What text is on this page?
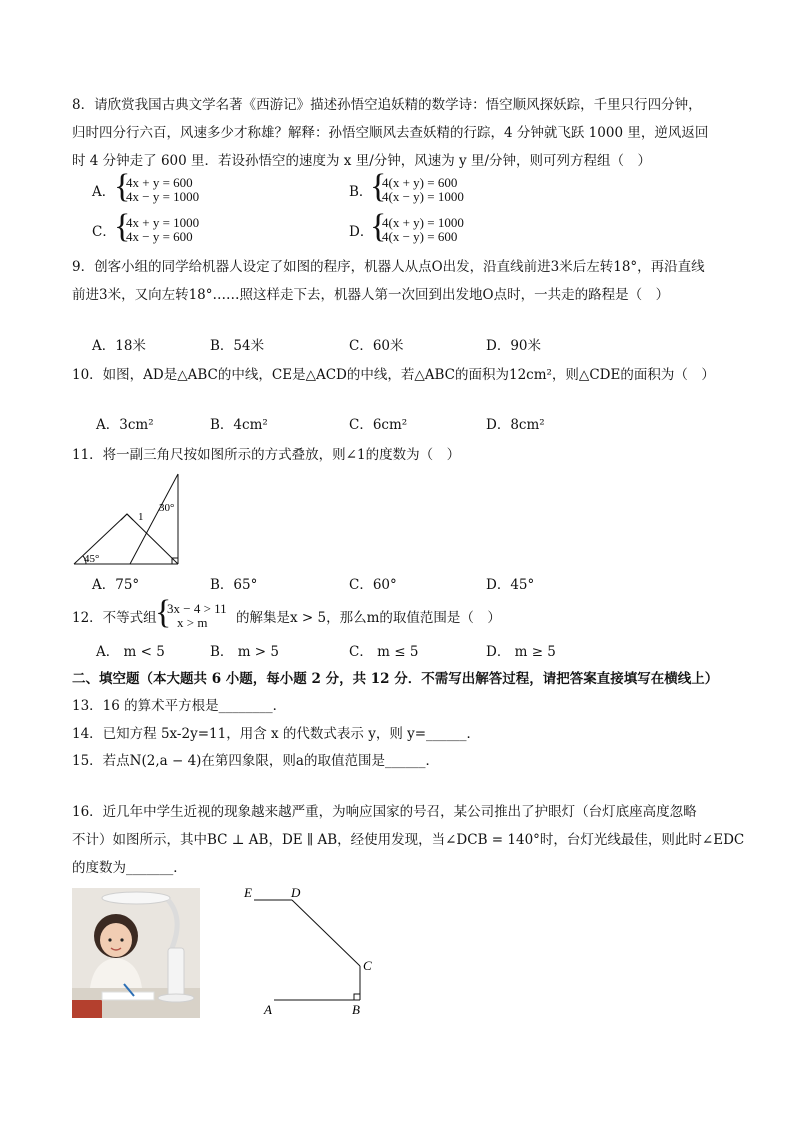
8．请欣赏我国古典文学名著《西游记》描述孙悟空追妖精的数学诗：悟空顺风探妖踪，千里只行四分钟，
归时四分行六百，风速多少才称雄？解释：孙悟空顺风去查妖精的行踪，4 分钟就飞跃 1000 里，逆风返回
时 4 分钟走了 600 里．若设孙悟空的速度为 x 里/分钟，风速为 y 里/分钟，则可列方程组（　）
A．
{
4x + y = 600
4x − y = 1000	B．
{
4(x + y) = 600
4(x − y) = 1000
C．
{
4x + y = 1000
4x − y = 600	D．
{
4(x + y) = 1000
4(x − y) = 600
9．创客小组的同学给机器人设定了如图的程序，机器人从点O出发，沿直线前进3米后左转18°，再沿直线
前进3米，又向左转18°……照这样走下去，机器人第一次回到出发地O点时，一共走的路程是（　）
A．18米	B．54米	C．60米	D．90米
10．如图，AD是△ABC的中线，CE是△ACD的中线，若△ABC的面积为12cm²，则△CDE的面积为（　）
A．3cm²	B．4cm²	C．6cm²	D．8cm²
11．将一副三角尺按如图所示的方式叠放，则∠1的度数为（　）
1
30°
45°
A．75°	B．65°	C．60°	D．45°
12．不等式组
{
3x − 4 > 11
x > m 的解集是x > 5，那么m的取值范围是（　）
A． m < 5	B． m > 5	C． m ≤ 5	D． m ≥ 5
二、填空题（本大题共 6 小题，每小题 2 分，共 12 分．不需写出解答过程，请把答案直接填写在横线上）
13．16 的算术平方根是________．
14．已知方程 5x-2y=11，用含 x 的代数式表示 y，则 y=______．
15．若点N(2,a − 4)在第四象限，则a的取值范围是______．
16．近几年中学生近视的现象越来越严重，为响应国家的号召，某公司推出了护眼灯（台灯底座高度忽略
不计）如图所示，其中BC ⊥ AB，DE ∥ AB，经使用发现，当∠DCB = 140°时，台灯光线最佳，则此时∠EDC
的度数为_______．
E	D
C
A	B
